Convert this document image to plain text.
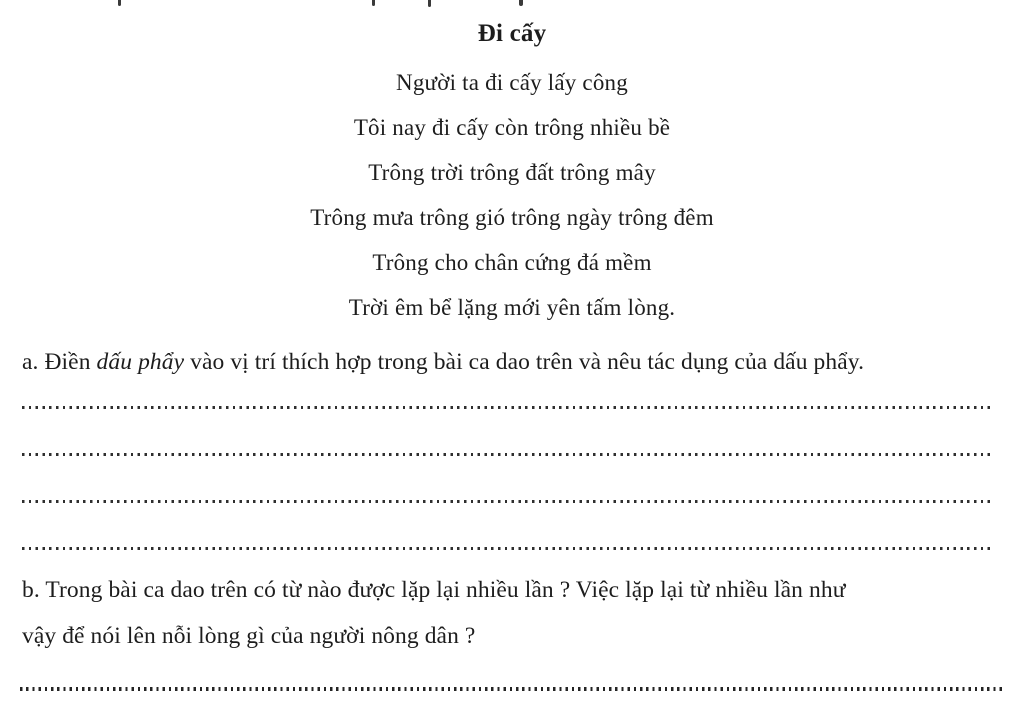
Đi cấy
Người ta đi cấy lấy công
Tôi nay đi cấy còn trông nhiều bề
Trông trời trông đất trông mây
Trông mưa trông gió trông ngày trông đêm
Trông cho chân cứng đá mềm
Trời êm bể lặng mới yên tấm lòng.

a. Điền dấu phẩy vào vị trí thích hợp trong bài ca dao trên và nêu tác dụng của dấu phẩy.

b. Trong bài ca dao trên có từ nào được lặp lại nhiều lần ? Việc lặp lại từ nhiều lần như
vậy để nói lên nỗi lòng gì của người nông dân ?
